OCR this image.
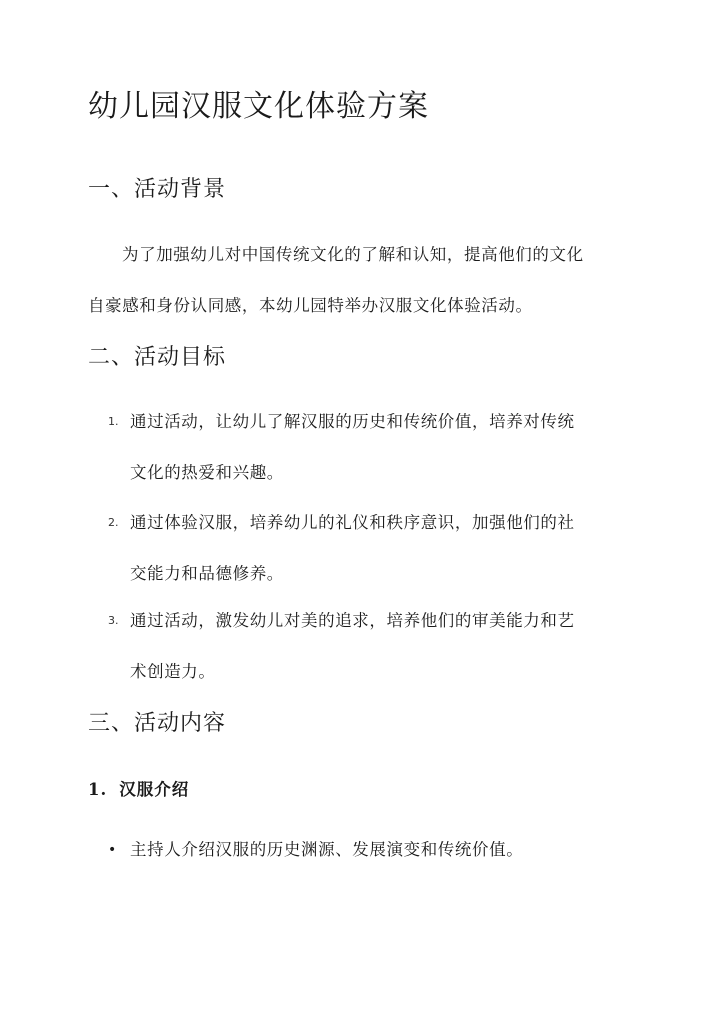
幼儿园汉服文化体验方案
一、活动背景
为了加强幼儿对中国传统文化的了解和认知，提高他们的文化
自豪感和身份认同感，本幼儿园特举办汉服文化体验活动。
二、活动目标
1. 通过活动，让幼儿了解汉服的历史和传统价值，培养对传统
文化的热爱和兴趣。
2. 通过体验汉服，培养幼儿的礼仪和秩序意识，加强他们的社
交能力和品德修养。
3. 通过活动，激发幼儿对美的追求，培养他们的审美能力和艺
术创造力。
三、活动内容
1. 汉服介绍
• 主持人介绍汉服的历史渊源、发展演变和传统价值。
